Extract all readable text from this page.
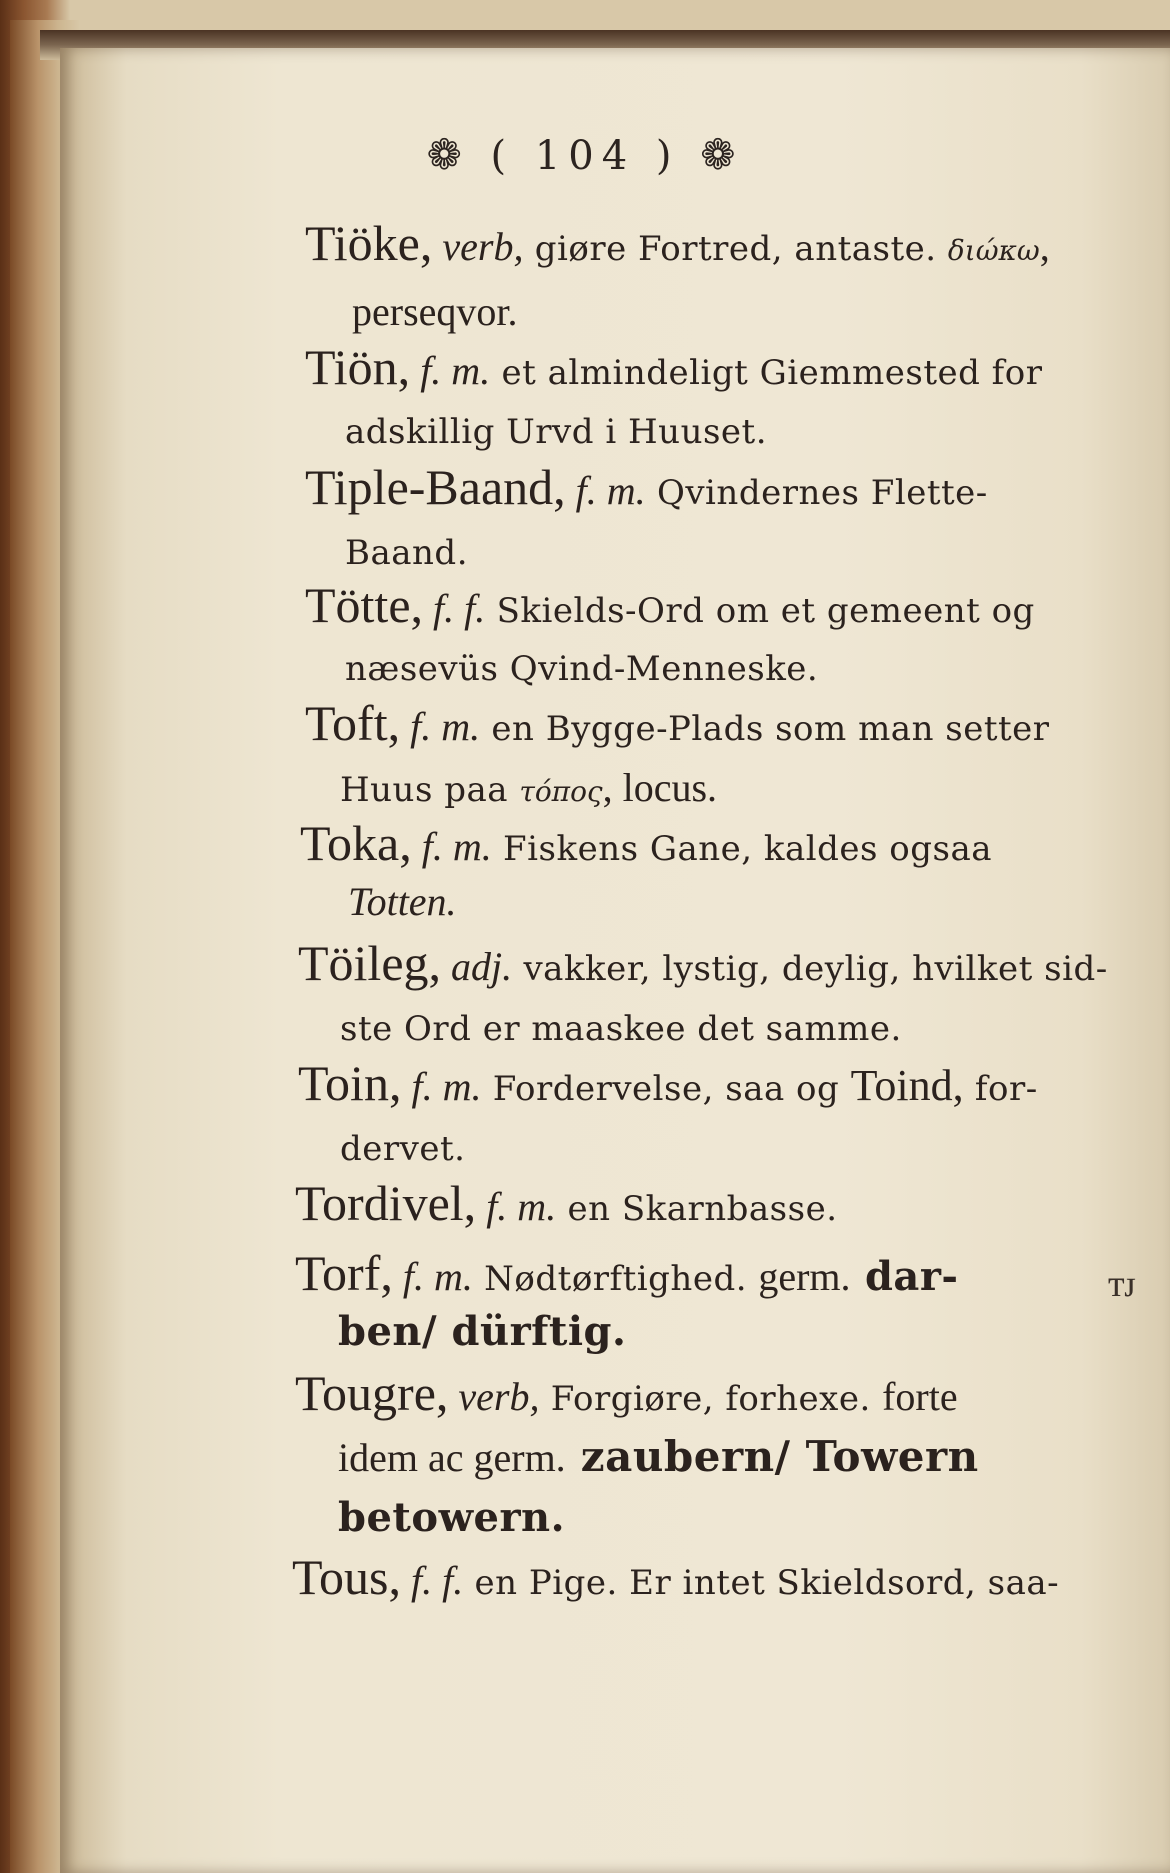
❁ ( 104 ) ❁
Tiöke, verb, giøre Fortred, antaste. διώκω,
perseqvor.
Tiön, f. m. et almindeligt Giemmested for
adskillig Urvd i Huuset.
Tiple-Baand, f. m. Qvindernes Flette-
Baand.
Tötte, f. f. Skields-Ord om et gemeent og
næsevüs Qvind-Menneske.
Toft, f. m. en Bygge-Plads som man setter
Huus paa τόπος, locus.
Toka, f. m. Fiskens Gane, kaldes ogsaa
Totten.
Töileg, adj. vakker, lystig, deylig, hvilket sid-
ste Ord er maaskee det samme.
Toin, f. m. Fordervelse, saa og Toind, for-
dervet.
Tordivel, f. m. en Skarnbasse.
Torf, f. m. Nødtørftighed. germ. dar-
ben/ dürftig.
ᴛᴊ
Tougre, verb, Forgiøre, forhexe. forte
idem ac germ. zaubern/ Towern
betowern.
Tous, f. f. en Pige. Er intet Skieldsord, saa-
